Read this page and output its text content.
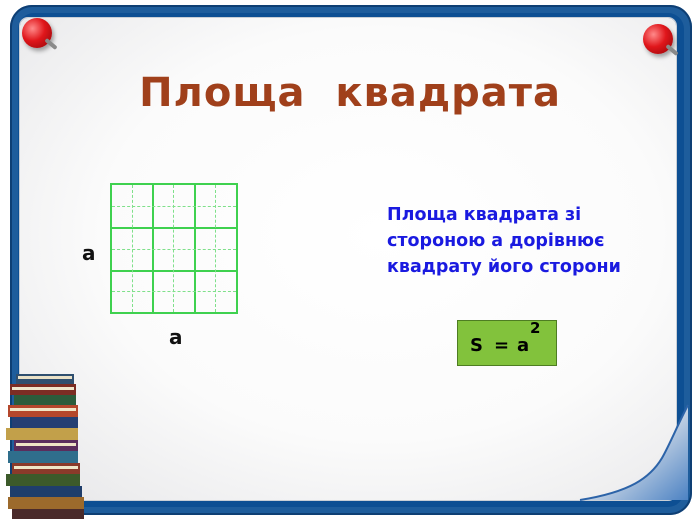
Площа  квадрата
a
a
Площа квадрата зі
стороною а дорівнює
квадрату його сторони
S = a
2
